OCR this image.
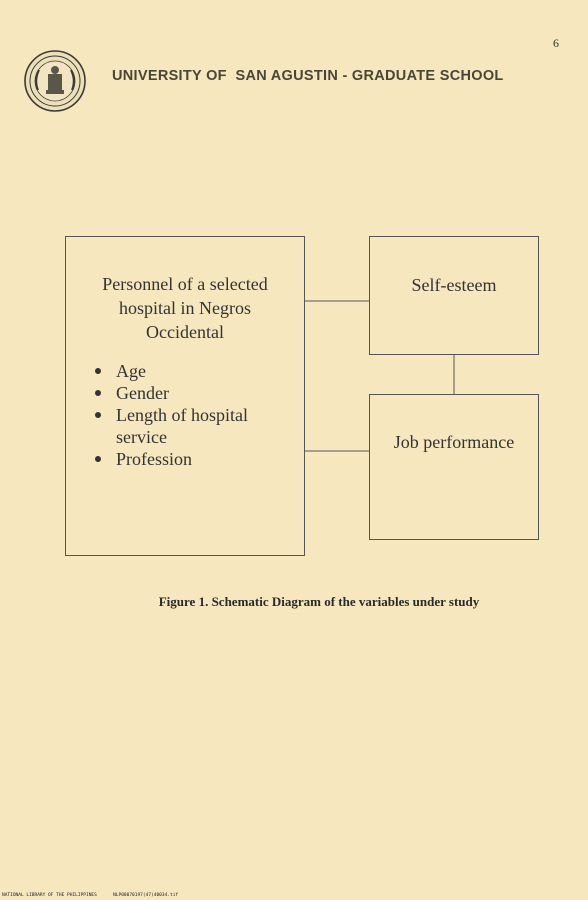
6
UNIVERSITY OF  SAN AGUSTIN - GRADUATE SCHOOL
Personnel of a selected
hospital in Negros
Occidental
Age
Gender
Length of hospital service
Profession
Self-esteem
Job performance
Figure 1. Schematic Diagram of the variables under study
NATIONAL LIBRARY OF THE PHILIPPINES	NLP00070197(47)40034.tif
